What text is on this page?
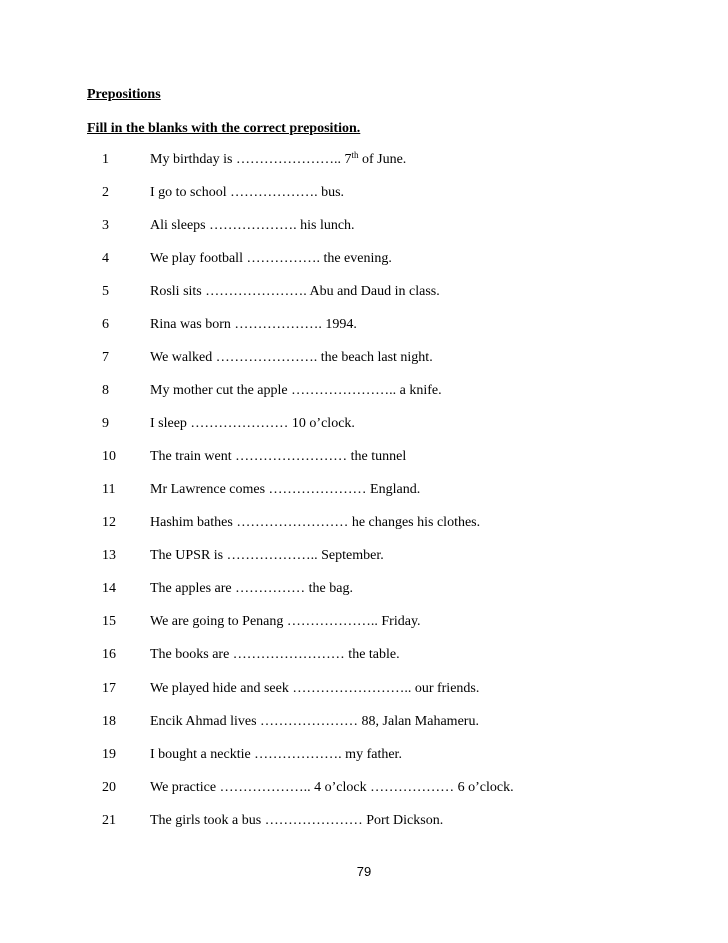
Prepositions
Fill in the blanks with the correct preposition.
1	My birthday is ………………….. 7th of June.
2	I go to school ………………. bus.
3	Ali sleeps ………………. his lunch.
4	We play football ……………. the evening.
5	Rosli sits …………………. Abu and Daud in class.
6	Rina was born ………………. 1994.
7	We walked …………………. the beach last night.
8	My mother cut the apple ………………….. a knife.
9	I sleep ………………… 10 o’clock.
10	The train went …………………… the tunnel
11	Mr Lawrence comes ………………… England.
12	Hashim bathes …………………… he changes his clothes.
13	The UPSR is ……………….. September.
14	The apples are …………… the bag.
15	We are going to Penang ……………….. Friday.
16	The books are …………………… the table.
17	We played hide and seek …………………….. our friends.
18	Encik Ahmad lives ………………… 88, Jalan Mahameru.
19	I bought a necktie ………………. my father.
20	We practice ……………….. 4 o’clock ……………… 6 o’clock.
21	The girls took a bus ………………… Port Dickson.
79
